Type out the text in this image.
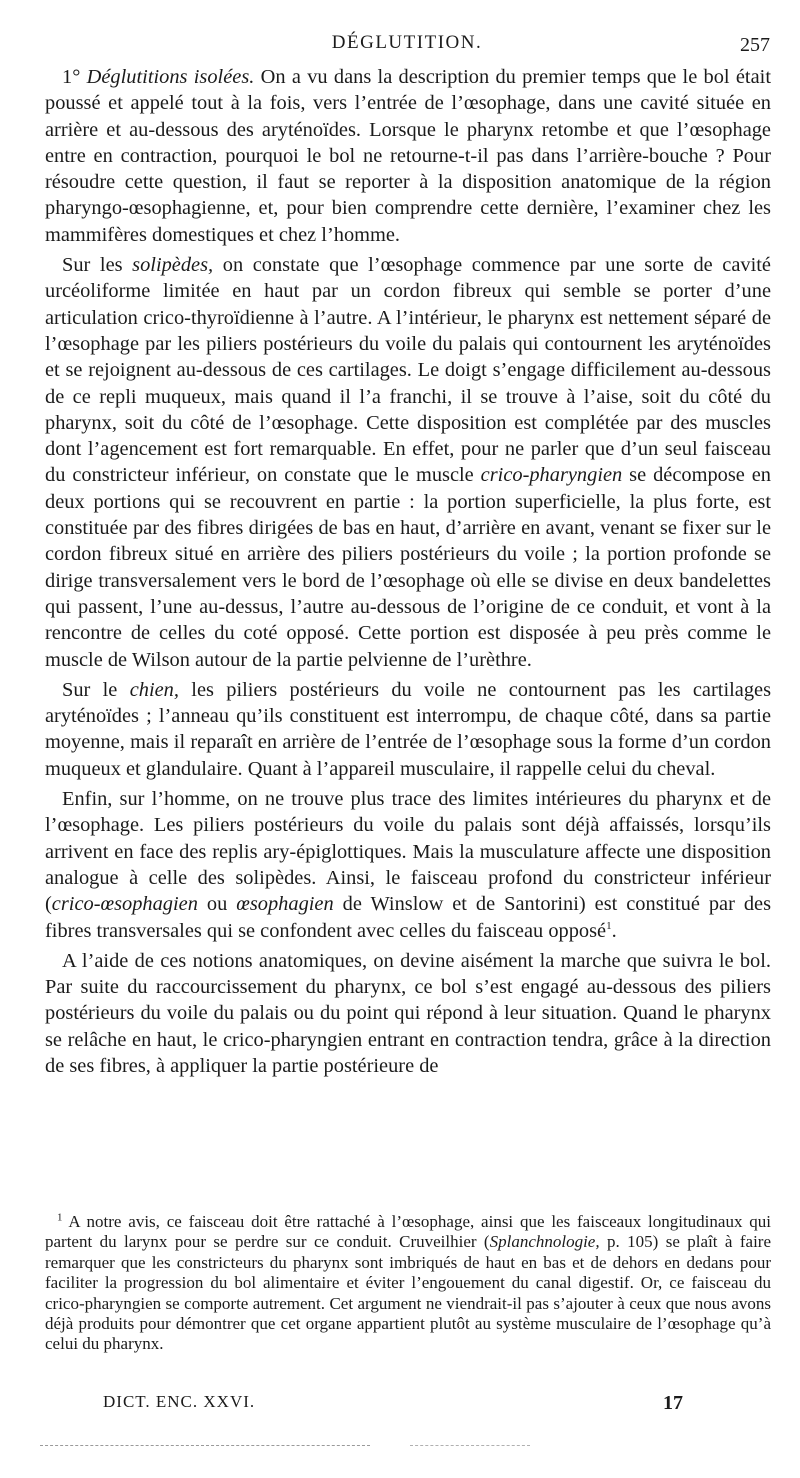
DÉGLUTITION.	257

1° Déglutitions isolées. On a vu dans la description du premier temps que le bol était poussé et appelé tout à la fois, vers l’entrée de l’œsophage, dans une cavité située en arrière et au-dessous des aryténoïdes. Lorsque le pharynx retombe et que l’œsophage entre en contraction, pourquoi le bol ne retourne-t-il pas dans l’arrière-bouche ? Pour résoudre cette question, il faut se reporter à la disposition anatomique de la région pharyngo-œsophagienne, et, pour bien comprendre cette dernière, l’examiner chez les mammifères domestiques et chez l’homme.

Sur les solipèdes, on constate que l’œsophage commence par une sorte de cavité urcéoliforme limitée en haut par un cordon fibreux qui semble se porter d’une articulation crico-thyroïdienne à l’autre. A l’intérieur, le pharynx est nettement séparé de l’œsophage par les piliers postérieurs du voile du palais qui contournent les aryténoïdes et se rejoignent au-dessous de ces cartilages. Le doigt s’engage difficilement au-dessous de ce repli muqueux, mais quand il l’a franchi, il se trouve à l’aise, soit du côté du pharynx, soit du côté de l’œsophage. Cette disposition est complétée par des muscles dont l’agencement est fort remarquable. En effet, pour ne parler que d’un seul faisceau du constricteur inférieur, on constate que le muscle crico-pharyngien se décompose en deux portions qui se recouvrent en partie : la portion superficielle, la plus forte, est constituée par des fibres dirigées de bas en haut, d’arrière en avant, venant se fixer sur le cordon fibreux situé en arrière des piliers postérieurs du voile ; la portion profonde se dirige transversalement vers le bord de l’œsophage où elle se divise en deux bandelettes qui passent, l’une au-dessus, l’autre au-dessous de l’origine de ce conduit, et vont à la rencontre de celles du coté opposé. Cette portion est disposée à peu près comme le muscle de Wilson autour de la partie pelvienne de l’urèthre.

Sur le chien, les piliers postérieurs du voile ne contournent pas les cartilages aryténoïdes ; l’anneau qu’ils constituent est interrompu, de chaque côté, dans sa partie moyenne, mais il reparaît en arrière de l’entrée de l’œsophage sous la forme d’un cordon muqueux et glandulaire. Quant à l’appareil musculaire, il rappelle celui du cheval.

Enfin, sur l’homme, on ne trouve plus trace des limites intérieures du pharynx et de l’œsophage. Les piliers postérieurs du voile du palais sont déjà affaissés, lorsqu’ils arrivent en face des replis ary-épiglottiques. Mais la musculature affecte une disposition analogue à celle des solipèdes. Ainsi, le faisceau profond du constricteur inférieur (crico-œsophagien ou œsophagien de Winslow et de Santorini) est constitué par des fibres transversales qui se confondent avec celles du faisceau opposé$^1$.

A l’aide de ces notions anatomiques, on devine aisément la marche que suivra le bol. Par suite du raccourcissement du pharynx, ce bol s’est engagé au-dessous des piliers postérieurs du voile du palais ou du point qui répond à leur situation. Quand le pharynx se relâche en haut, le crico-pharyngien entrant en contraction tendra, grâce à la direction de ses fibres, à appliquer la partie postérieure de

$^1$ A notre avis, ce faisceau doit être rattaché à l’œsophage, ainsi que les faisceaux longitudinaux qui partent du larynx pour se perdre sur ce conduit. Cruveilhier (Splanchnologie, p. 105) se plaît à faire remarquer que les constricteurs du pharynx sont imbriqués de haut en bas et de dehors en dedans pour faciliter la progression du bol alimentaire et éviter l’engouement du canal digestif. Or, ce faisceau du crico-pharyngien se comporte autrement. Cet argument ne viendrait-il pas s’ajouter à ceux que nous avons déjà produits pour démontrer que cet organe appartient plutôt au système musculaire de l’œsophage qu’à celui du pharynx.

DICT. ENC. XXVI.	17
